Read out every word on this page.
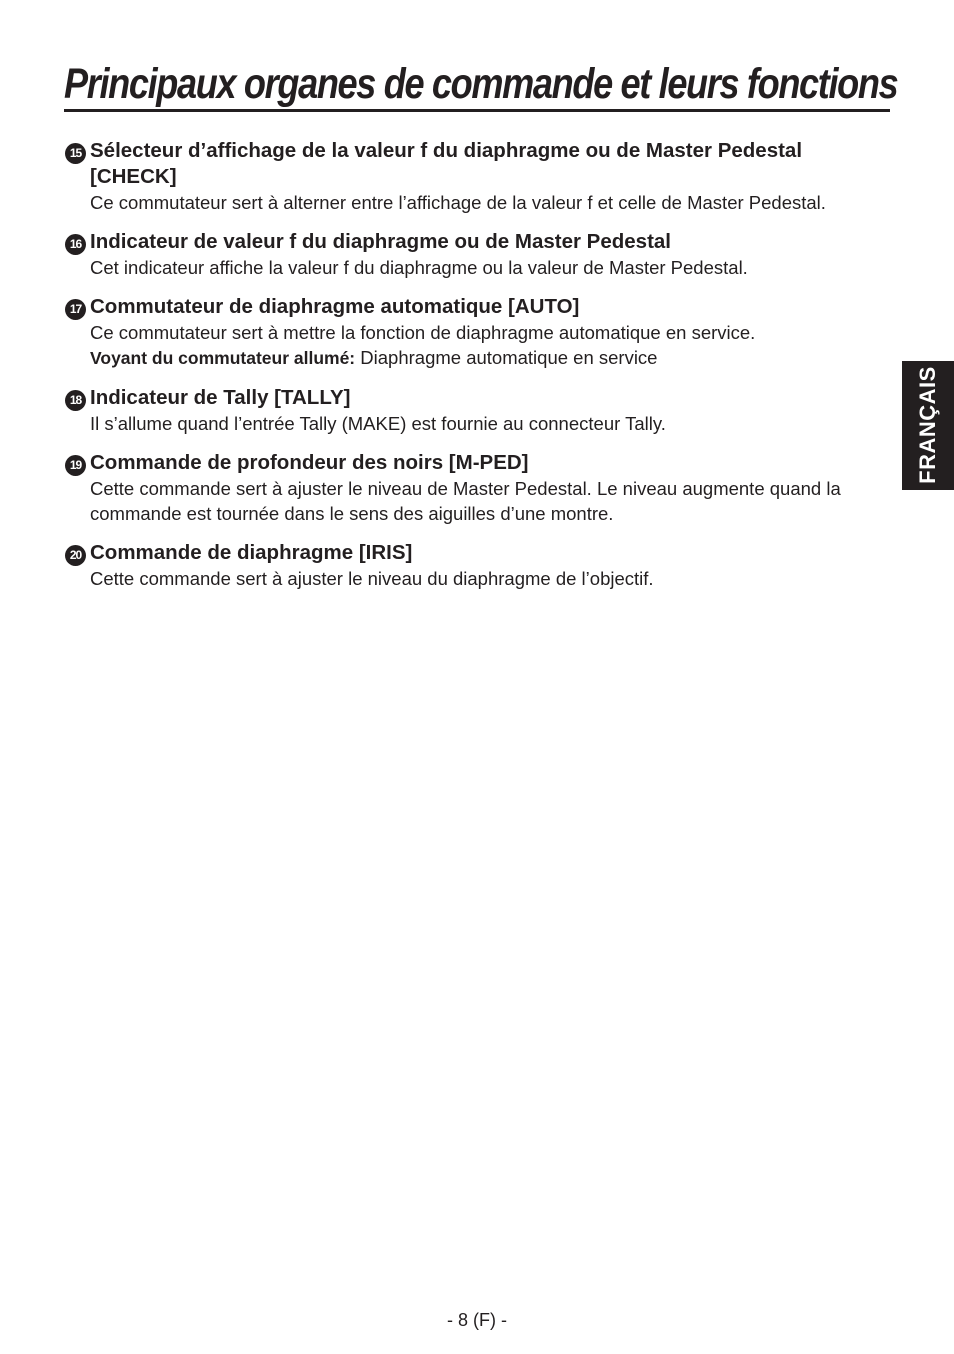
Principaux organes de commande et leurs fonctions
15 Sélecteur d’affichage de la valeur f du diaphragme ou de Master Pedestal [CHECK]

Ce commutateur sert à alterner entre l’affichage de la valeur f et celle de Master Pedestal.

16 Indicateur de valeur f du diaphragme ou de Master Pedestal

Cet indicateur affiche la valeur f du diaphragme ou la valeur de Master Pedestal.

17 Commutateur de diaphragme automatique [AUTO]

Ce commutateur sert à mettre la fonction de diaphragme automatique en service.

Voyant du commutateur allumé: Diaphragme automatique en service

18 Indicateur de Tally [TALLY]

Il s’allume quand l’entrée Tally (MAKE) est fournie au connecteur Tally.

19 Commande de profondeur des noirs [M-PED]

Cette commande sert à ajuster le niveau de Master Pedestal. Le niveau augmente quand la commande est tournée dans le sens des aiguilles d’une montre.

20 Commande de diaphragme [IRIS]

Cette commande sert à ajuster le niveau du diaphragme de l’objectif.

FRANÇAIS
- 8 (F) -
